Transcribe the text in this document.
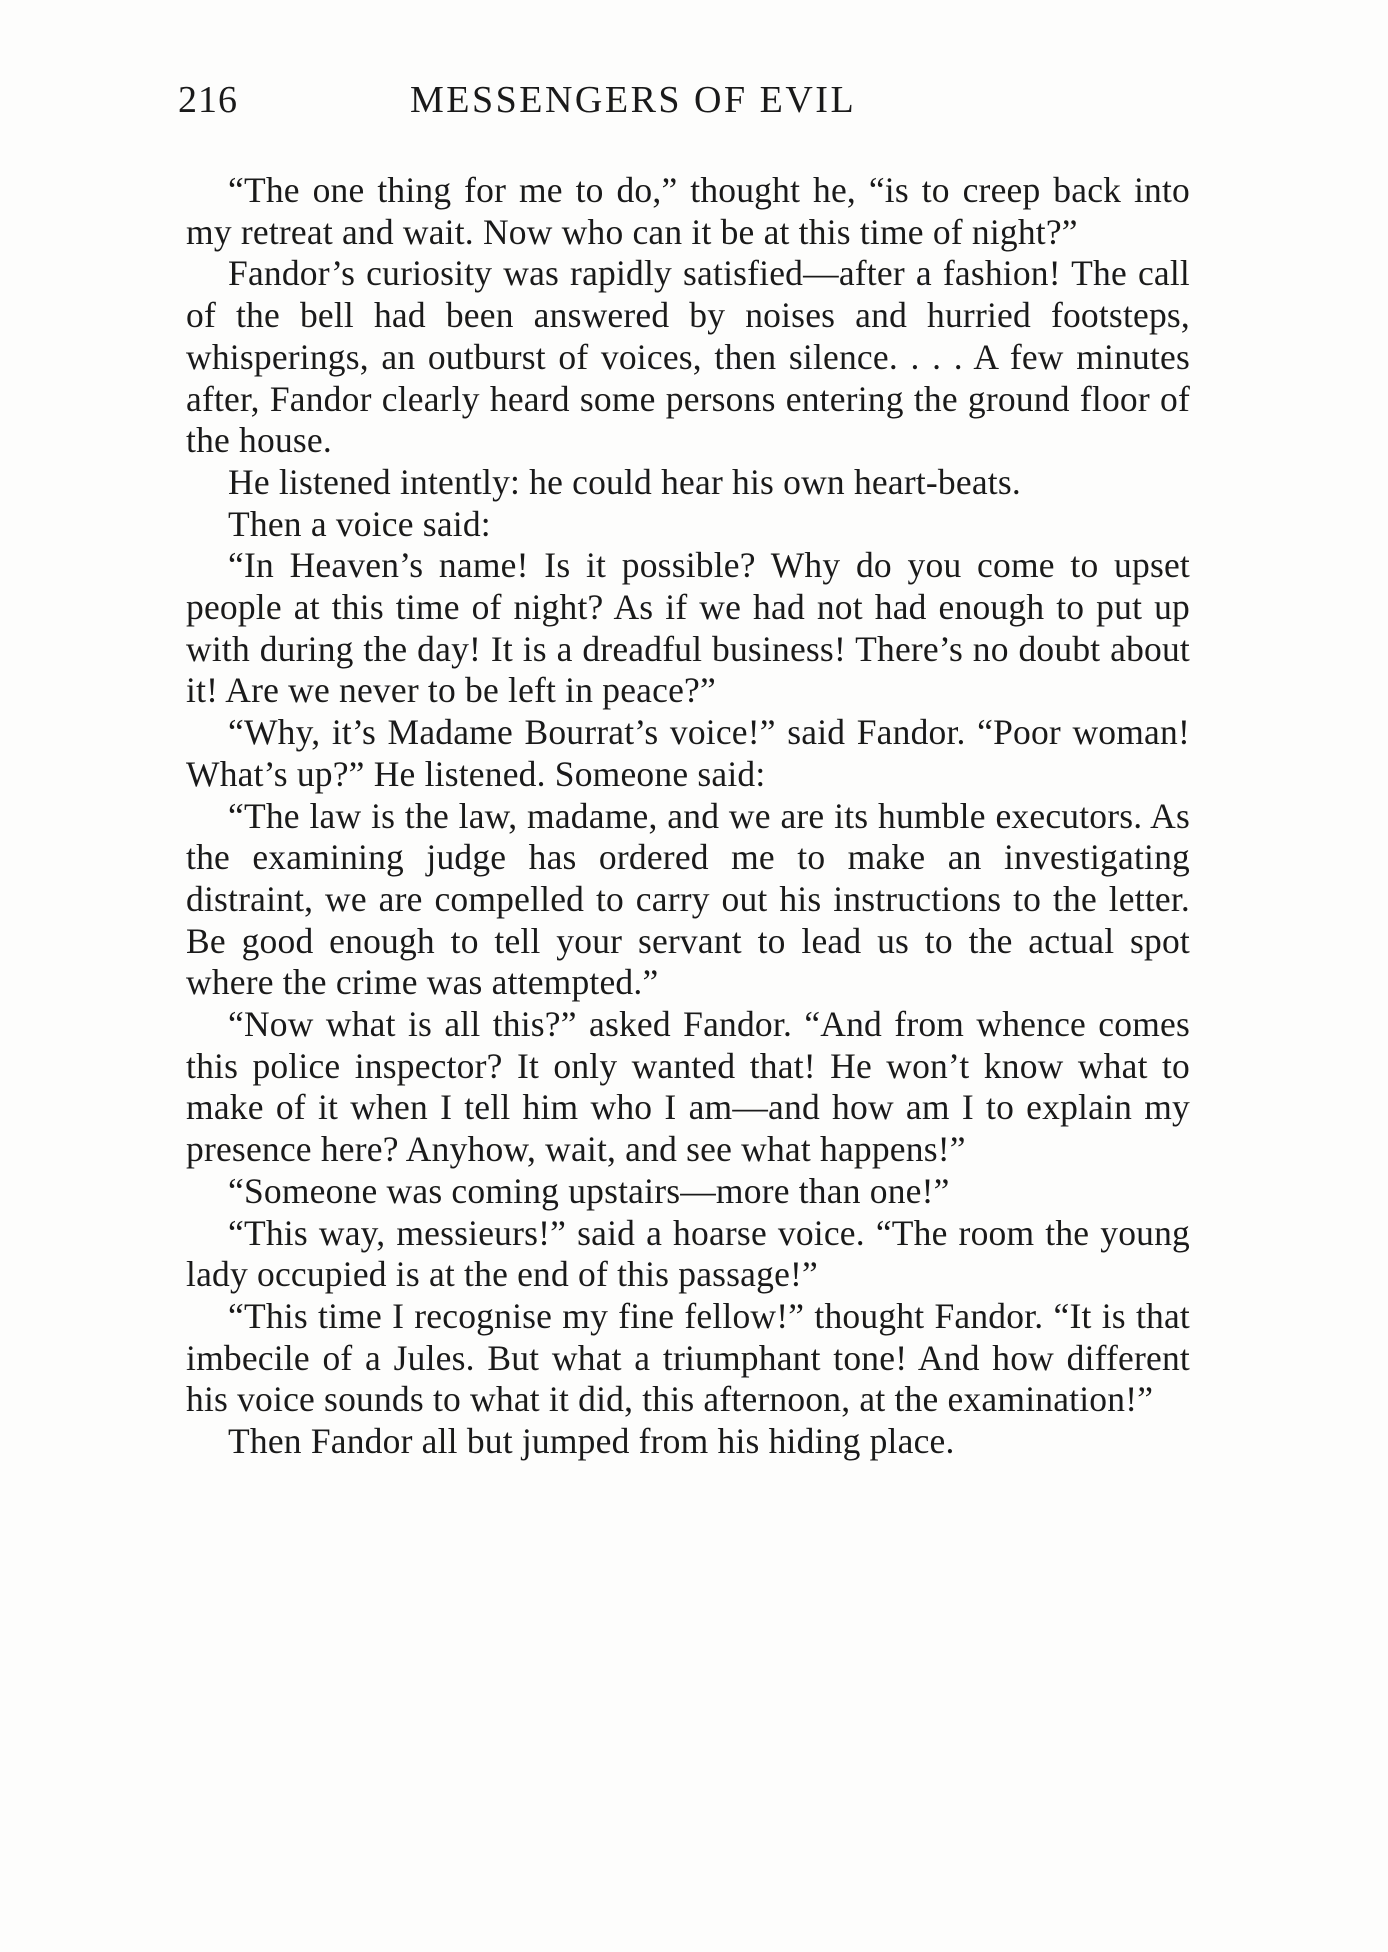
216	MESSENGERS OF EVIL

“The one thing for me to do,” thought he, “is to creep back into my retreat and wait. Now who can it be at this time of night?”

Fandor’s curiosity was rapidly satisfied—after a fashion! The call of the bell had been answered by noises and hurried footsteps, whisperings, an outburst of voices, then silence. . . . A few minutes after, Fandor clearly heard some persons entering the ground floor of the house.

He listened intently: he could hear his own heart-beats.

Then a voice said:

“In Heaven’s name! Is it possible? Why do you come to upset people at this time of night? As if we had not had enough to put up with during the day! It is a dreadful business! There’s no doubt about it! Are we never to be left in peace?”

“Why, it’s Madame Bourrat’s voice!” said Fandor. “Poor woman! What’s up?” He listened. Someone said:

“The law is the law, madame, and we are its humble executors. As the examining judge has ordered me to make an investigating distraint, we are compelled to carry out his instructions to the letter. Be good enough to tell your servant to lead us to the actual spot where the crime was attempted.”

“Now what is all this?” asked Fandor. “And from whence comes this police inspector? It only wanted that! He won’t know what to make of it when I tell him who I am—and how am I to explain my presence here? Anyhow, wait, and see what happens!”

“Someone was coming upstairs—more than one!”

“This way, messieurs!” said a hoarse voice. “The room the young lady occupied is at the end of this passage!”

“This time I recognise my fine fellow!” thought Fandor. “It is that imbecile of a Jules. But what a triumphant tone! And how different his voice sounds to what it did, this afternoon, at the examination!”

Then Fandor all but jumped from his hiding place.
